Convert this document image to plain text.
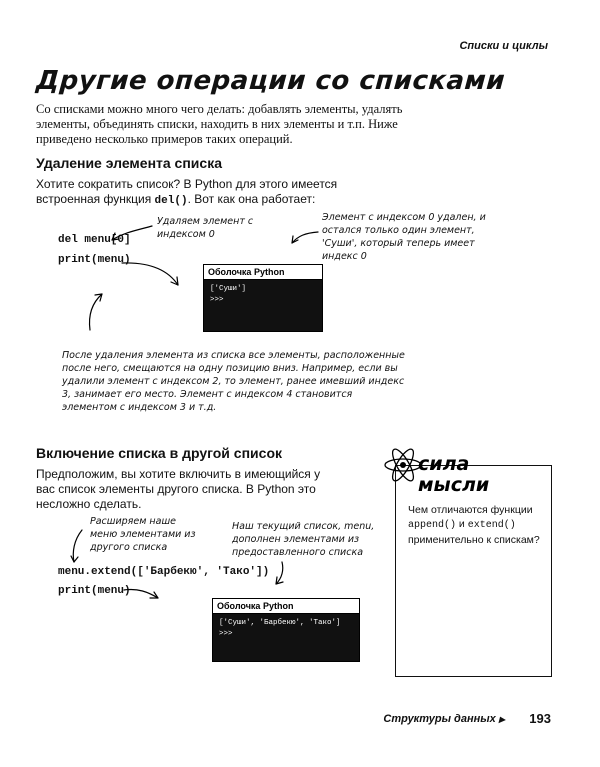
Списки и циклы
Другие операции со списками
Со списками можно много чего делать: добавлять элементы, удалять элементы, объединять списки, находить в них элементы и т.п. Ниже приведено несколько примеров таких операций.
Удаление элемента списка
Хотите сократить список? В Python для этого имеется встроенная функция del(). Вот как она работает:
del menu[0]
print(menu)
Удаляем элемент с индексом 0
Элемент с индексом 0 удален, и остался только один элемент, 'Суши', который теперь имеет индекс 0
Оболочка Python
['Суши']
>>>
После удаления элемента из списка все элементы, расположенные после него, смещаются на одну позицию вниз. Например, если вы удалили элемент с индексом 2, то элемент, ранее имевший индекс 3, занимает его место. Элемент с индексом 4 становится элементом с индексом 3 и т.д.
Включение списка в другой список
Предположим, вы хотите включить в имеющийся у вас список элементы другого списка. В Python это несложно сделать.
Расширяем наше меню элементами из другого списка
Наш текущий список, menu, дополнен элементами из предоставленного списка
menu.extend(['Барбекю', 'Тако'])
print(menu)
Оболочка Python
['Суши', 'Барбекю', 'Тако']
>>>
сила
мысли
Чем отличаются функции append() и extend() применительно к спискам?
Структуры данных ▶ 193
